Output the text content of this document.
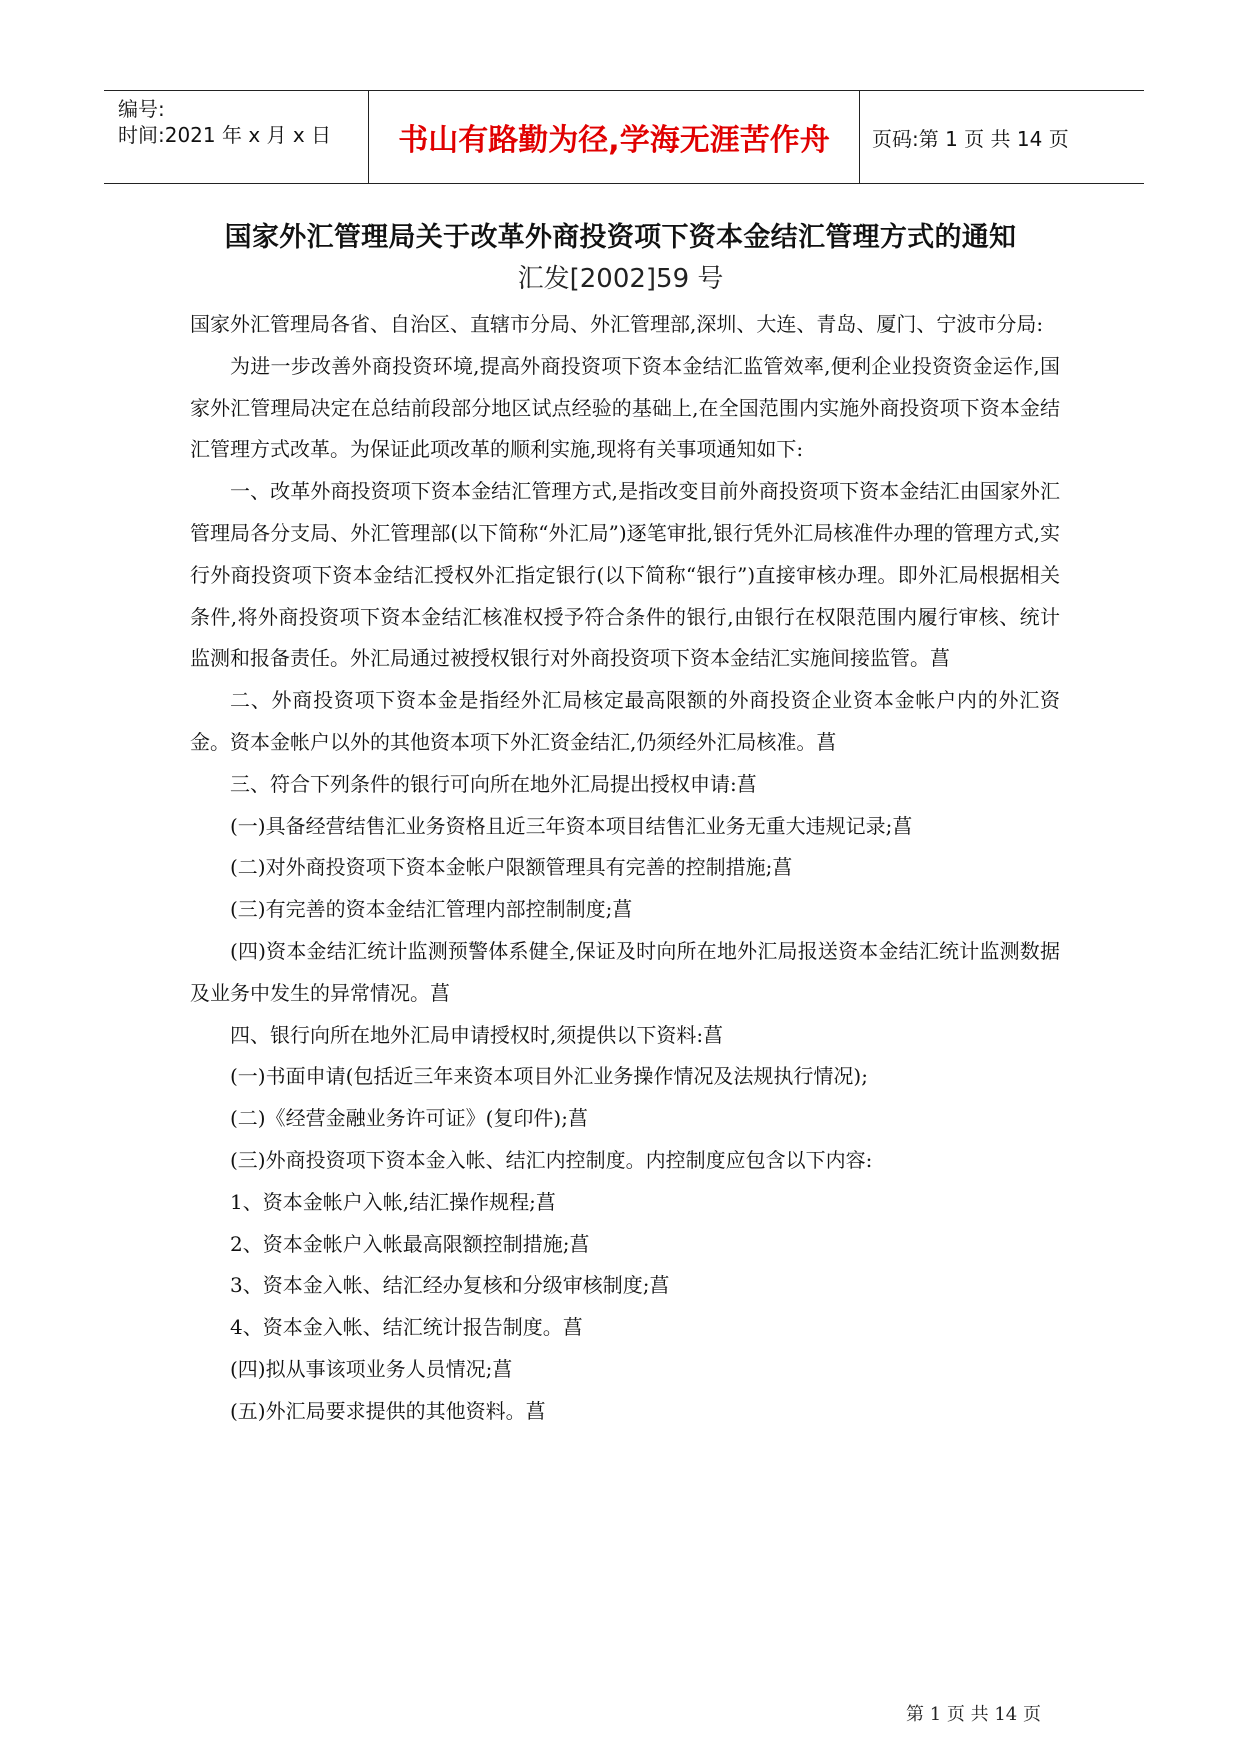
编号:
时间:2021 年 x 月 x 日	书山有路勤为径,学海无涯苦作舟	页码:第 1 页 共 14 页
国家外汇管理局关于改革外商投资项下资本金结汇管理方式的通知
汇发[2002]59 号

国家外汇管理局各省、自治区、直辖市分局、外汇管理部,深圳、大连、青岛、厦门、宁波市分局:

为进一步改善外商投资环境,提高外商投资项下资本金结汇监管效率,便利企业投资资金运作,国家外汇管理局决定在总结前段部分地区试点经验的基础上,在全国范围内实施外商投资项下资本金结汇管理方式改革。为保证此项改革的顺利实施,现将有关事项通知如下:

一、改革外商投资项下资本金结汇管理方式,是指改变目前外商投资项下资本金结汇由国家外汇管理局各分支局、外汇管理部(以下简称“外汇局”)逐笔审批,银行凭外汇局核准件办理的管理方式,实行外商投资项下资本金结汇授权外汇指定银行(以下简称“银行”)直接审核办理。即外汇局根据相关条件,将外商投资项下资本金结汇核准权授予符合条件的银行,由银行在权限范围内履行审核、统计监测和报备责任。外汇局通过被授权银行对外商投资项下资本金结汇实施间接监管。菖

二、外商投资项下资本金是指经外汇局核定最高限额的外商投资企业资本金帐户内的外汇资金。资本金帐户以外的其他资本项下外汇资金结汇,仍须经外汇局核准。菖

三、符合下列条件的银行可向所在地外汇局提出授权申请:菖

(一)具备经营结售汇业务资格且近三年资本项目结售汇业务无重大违规记录;菖

(二)对外商投资项下资本金帐户限额管理具有完善的控制措施;菖

(三)有完善的资本金结汇管理内部控制制度;菖

(四)资本金结汇统计监测预警体系健全,保证及时向所在地外汇局报送资本金结汇统计监测数据及业务中发生的异常情况。菖

四、银行向所在地外汇局申请授权时,须提供以下资料:菖

(一)书面申请(包括近三年来资本项目外汇业务操作情况及法规执行情况);

(二)《经营金融业务许可证》(复印件);菖

(三)外商投资项下资本金入帐、结汇内控制度。内控制度应包含以下内容:

1、资本金帐户入帐,结汇操作规程;菖

2、资本金帐户入帐最高限额控制措施;菖

3、资本金入帐、结汇经办复核和分级审核制度;菖

4、资本金入帐、结汇统计报告制度。菖

(四)拟从事该项业务人员情况;菖

(五)外汇局要求提供的其他资料。菖

第 1 页 共 14 页
